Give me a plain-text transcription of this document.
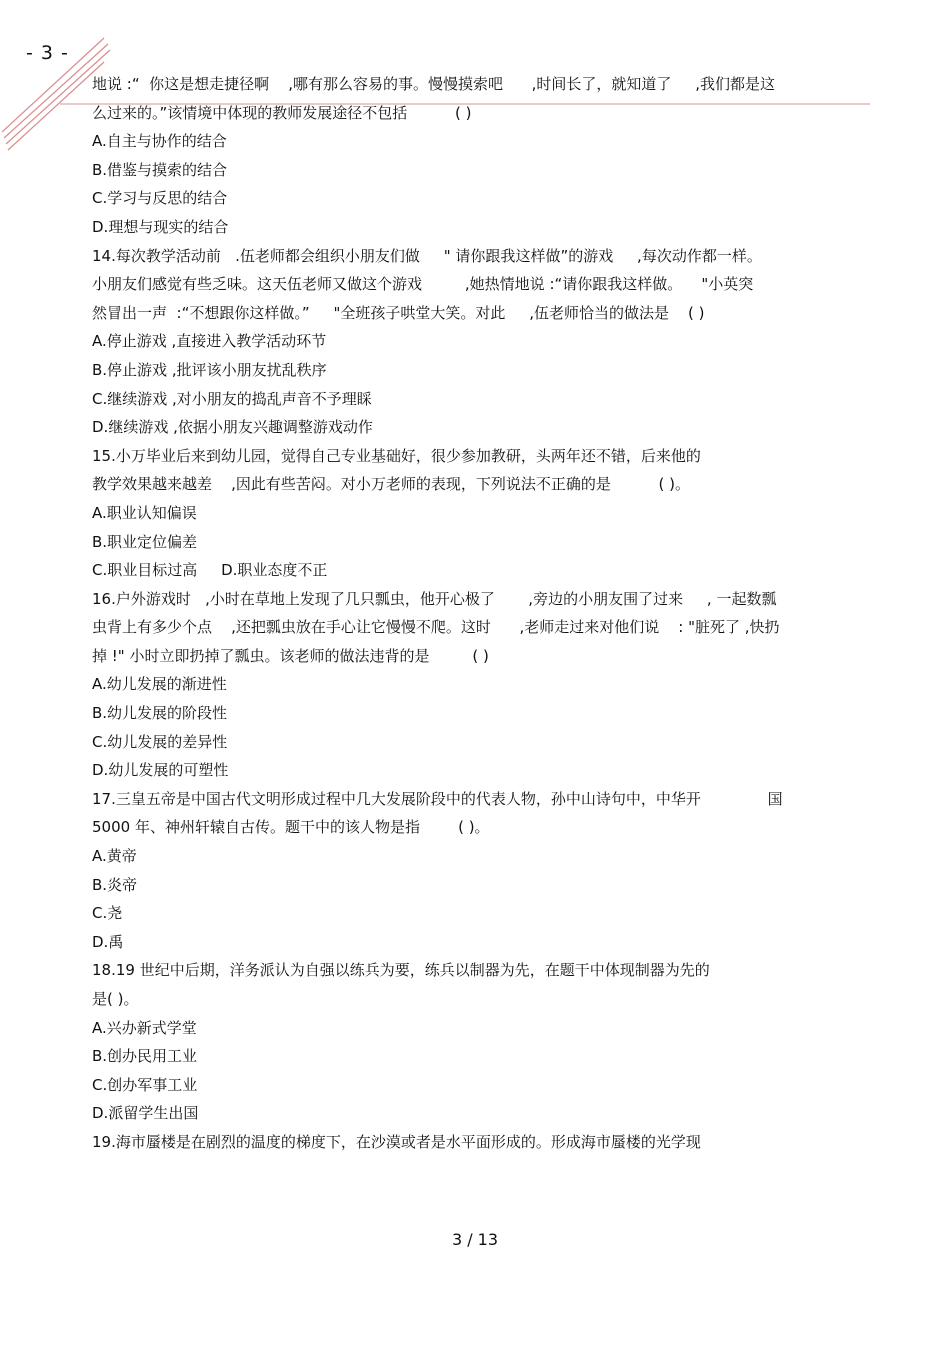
- 3 -

地说 :“  你这是想走捷径啊    ,哪有那么容易的事。慢慢摸索吧      ,时间长了，就知道了     ,我们都是这

么过来的。”该情境中体现的教师发展途径不包括          ( )

A.自主与协作的结合

B.借鉴与摸索的结合

C.学习与反思的结合

D.理想与现实的结合

14.每次教学活动前   .伍老师都会组织小朋友们做     " 请你跟我这样做”的游戏     ,每次动作都一样。

小朋友们感觉有些乏味。这天伍老师又做这个游戏         ,她热情地说 :“请你跟我这样做。    "小英突

然冒出一声  :“不想跟你这样做。”     "全班孩子哄堂大笑。对此     ,伍老师恰当的做法是    ( )

A.停止游戏 ,直接进入教学活动环节

B.停止游戏 ,批评该小朋友扰乱秩序

C.继续游戏 ,对小朋友的捣乱声音不予理睬

D.继续游戏 ,依据小朋友兴趣调整游戏动作

15.小万毕业后来到幼儿园，觉得自己专业基础好，很少参加教研，头两年还不错，后来他的

教学效果越来越差    ,因此有些苦闷。对小万老师的表现，下列说法不正确的是          ( )。

A.职业认知偏误

B.职业定位偏差

C.职业目标过高     D.职业态度不正

16.户外游戏时   ,小时在草地上发现了几只瓢虫，他开心极了       ,旁边的小朋友围了过来     , 一起数瓢

虫背上有多少个点    ,还把瓢虫放在手心让它慢慢不爬。这时      ,老师走过来对他们说    : "脏死了 ,快扔

掉 !" 小时立即扔掉了瓢虫。该老师的做法违背的是         ( )

A.幼儿发展的渐进性

B.幼儿发展的阶段性

C.幼儿发展的差异性

D.幼儿发展的可塑性

17.三皇五帝是中国古代文明形成过程中几大发展阶段中的代表人物，孙中山诗句中，中华开              国

5000 年、神州轩辕自古传。题干中的该人物是指        ( )。

A.黄帝

B.炎帝

C.尧

D.禹

18.19 世纪中后期，洋务派认为自强以练兵为要，练兵以制器为先，在题干中体现制器为先的

是( )。

A.兴办新式学堂

B.创办民用工业

C.创办军事工业

D.派留学生出国

19.海市蜃楼是在剧烈的温度的梯度下，在沙漠或者是水平面形成的。形成海市蜃楼的光学现

3 / 13
